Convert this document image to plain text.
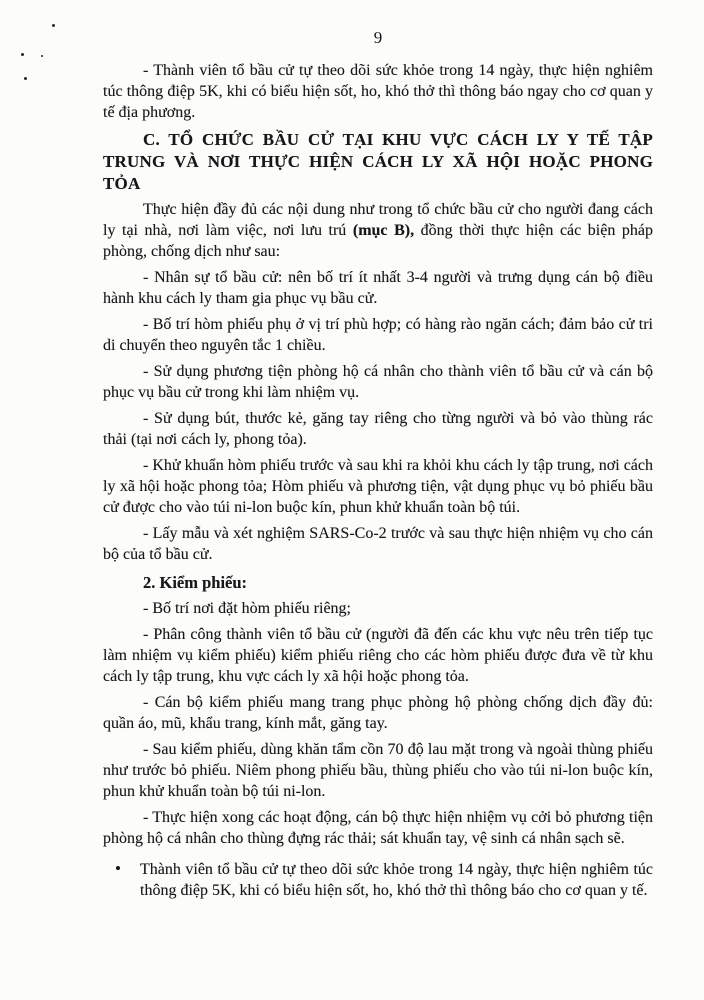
9

- Thành viên tổ bầu cử tự theo dõi sức khỏe trong 14 ngày, thực hiện nghiêm túc thông điệp 5K, khi có biểu hiện sốt, ho, khó thở thì thông báo ngay cho cơ quan y tế địa phương.

C. TỔ CHỨC BẦU CỬ TẠI KHU VỰC CÁCH LY Y TẾ TẬP TRUNG VÀ NƠI THỰC HIỆN CÁCH LY XÃ HỘI HOẶC PHONG TỎA

Thực hiện đầy đủ các nội dung như trong tổ chức bầu cử cho người đang cách ly tại nhà, nơi làm việc, nơi lưu trú (mục B), đồng thời thực hiện các biện pháp phòng, chống dịch như sau:

- Nhân sự tổ bầu cử: nên bố trí ít nhất 3-4 người và trưng dụng cán bộ điều hành khu cách ly tham gia phục vụ bầu cử.

- Bố trí hòm phiếu phụ ở vị trí phù hợp; có hàng rào ngăn cách; đảm bảo cử tri di chuyển theo nguyên tắc 1 chiều.

- Sử dụng phương tiện phòng hộ cá nhân cho thành viên tổ bầu cử và cán bộ phục vụ bầu cử trong khi làm nhiệm vụ.

- Sử dụng bút, thước kẻ, găng tay riêng cho từng người và bỏ vào thùng rác thải (tại nơi cách ly, phong tỏa).

- Khử khuẩn hòm phiếu trước và sau khi ra khỏi khu cách ly tập trung, nơi cách ly xã hội hoặc phong tỏa; Hòm phiếu và phương tiện, vật dụng phục vụ bỏ phiếu bầu cử được cho vào túi ni-lon buộc kín, phun khử khuẩn toàn bộ túi.

- Lấy mẫu và xét nghiệm SARS-Co-2 trước và sau thực hiện nhiệm vụ cho cán bộ của tổ bầu cử.

2. Kiểm phiếu:

- Bố trí nơi đặt hòm phiếu riêng;

- Phân công thành viên tổ bầu cử (người đã đến các khu vực nêu trên tiếp tục làm nhiệm vụ kiểm phiếu) kiểm phiếu riêng cho các hòm phiếu được đưa về từ khu cách ly tập trung, khu vực cách ly xã hội hoặc phong tỏa.

- Cán bộ kiểm phiếu mang trang phục phòng hộ phòng chống dịch đầy đủ: quần áo, mũ, khẩu trang, kính mắt, găng tay.

- Sau kiểm phiếu, dùng khăn tẩm cồn 70 độ lau mặt trong và ngoài thùng phiếu như trước bỏ phiếu. Niêm phong phiếu bầu, thùng phiếu cho vào túi ni-lon buộc kín, phun khử khuẩn toàn bộ túi ni-lon.

- Thực hiện xong các hoạt động, cán bộ thực hiện nhiệm vụ cởi bỏ phương tiện phòng hộ cá nhân cho thùng đựng rác thải; sát khuẩn tay, vệ sinh cá nhân sạch sẽ.

• Thành viên tổ bầu cử tự theo dõi sức khỏe trong 14 ngày, thực hiện nghiêm túc thông điệp 5K, khi có biểu hiện sốt, ho, khó thở thì thông báo cho cơ quan y tế.
